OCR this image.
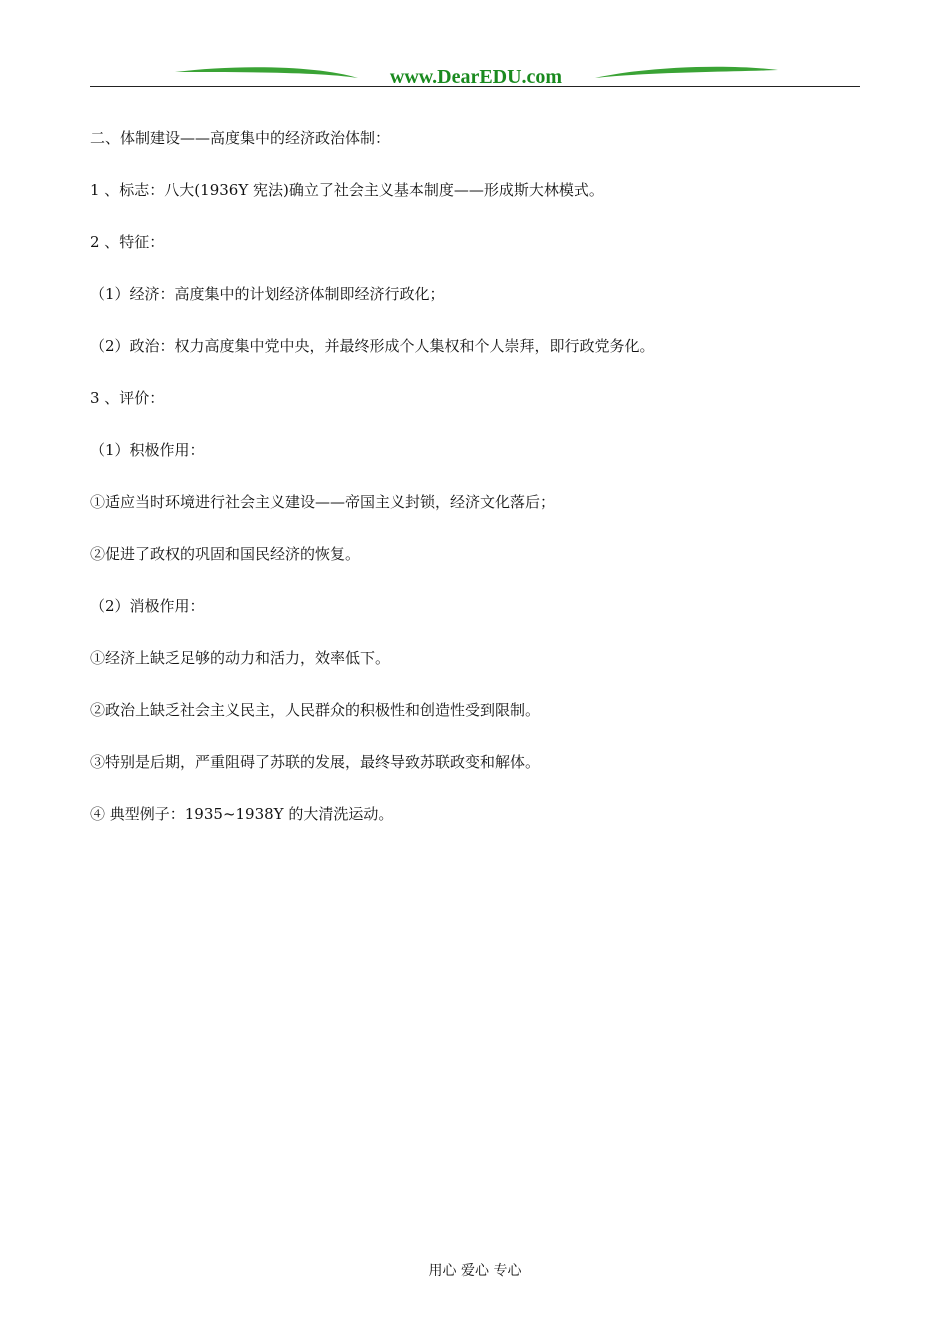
www.DearEDU.com
二、体制建设——高度集中的经济政治体制：
1 、标志：八大(1936Y 宪法)确立了社会主义基本制度——形成斯大林模式。
2 、特征：
（1）经济：高度集中的计划经济体制即经济行政化；
（2）政治：权力高度集中党中央，并最终形成个人集权和个人崇拜，即行政党务化。
3 、评价：
（1）积极作用：
①适应当时环境进行社会主义建设——帝国主义封锁，经济文化落后；
②促进了政权的巩固和国民经济的恢复。
（2）消极作用：
①经济上缺乏足够的动力和活力，效率低下。
②政治上缺乏社会主义民主，人民群众的积极性和创造性受到限制。
③特别是后期，严重阻碍了苏联的发展，最终导致苏联政变和解体。
④ 典型例子：1935~1938Y 的大清洗运动。
用心 爱心 专心
